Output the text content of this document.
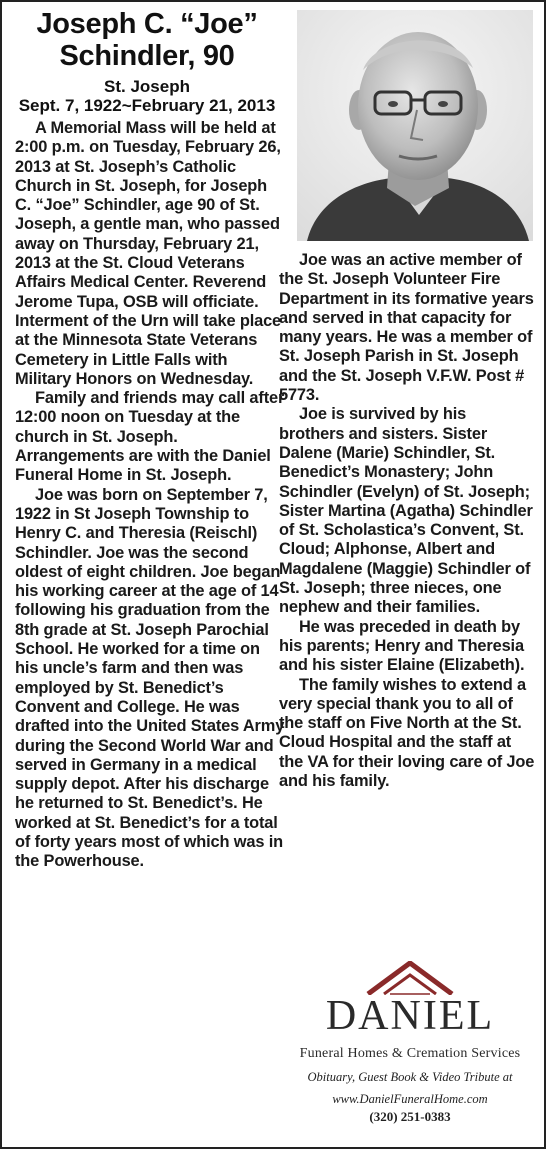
Joseph C. “Joe”
Schindler, 90
St. Joseph
Sept. 7, 1922~February 21, 2013

A Memorial Mass will be held at 2:00 p.m. on Tuesday, February 26, 2013 at St. Joseph’s Catholic Church in St. Joseph, for Joseph C. “Joe” Schindler, age 90 of St. Joseph, a gentle man, who passed away on Thursday, February 21, 2013 at the St. Cloud Veterans Affairs Medical Center. Reverend Jerome Tupa, OSB will officiate. Interment of the Urn will take place at the Minnesota State Veterans Cemetery in Little Falls with Military Honors on Wednesday.

Family and friends may call after 12:00 noon on Tuesday at the church in St. Joseph. Arrangements are with the Daniel Funeral Home in St. Joseph.

Joe was born on September 7, 1922 in St Joseph Township to Henry C. and Theresia (Reischl) Schindler. Joe was the second oldest of eight children. Joe began his working career at the age of 14 following his graduation from the 8th grade at St. Joseph Parochial School. He worked for a time on his uncle’s farm and then was employed by St. Benedict’s Convent and College. He was drafted into the United States Army during the Second World War and served in Germany in a medical supply depot. After his discharge he returned to St. Benedict’s. He worked at St. Benedict’s for a total of forty years most of which was in the Powerhouse.

Joe was an active member of the St. Joseph Volunteer Fire Department in its formative years and served in that capacity for many years. He was a member of St. Joseph Parish in St. Joseph and the St. Joseph V.F.W. Post # 5773.

Joe is survived by his brothers and sisters. Sister Dalene (Marie) Schindler, St. Benedict’s Monastery; John Schindler (Evelyn) of St. Joseph; Sister Martina (Agatha) Schindler of St. Scholastica’s Convent, St. Cloud; Alphonse, Albert and Magdalene (Maggie) Schindler of St. Joseph; three nieces, one nephew and their families.

He was preceded in death by his parents; Henry and Theresia and his sister Elaine (Elizabeth).

The family wishes to extend a very special thank you to all of the staff on Five North at the St. Cloud Hospital and the staff at the VA for their loving care of Joe and his family.

DANIEL
Funeral Homes & Cremation Services
Obituary, Guest Book & Video Tribute at
www.DanielFuneralHome.com
(320) 251-0383
